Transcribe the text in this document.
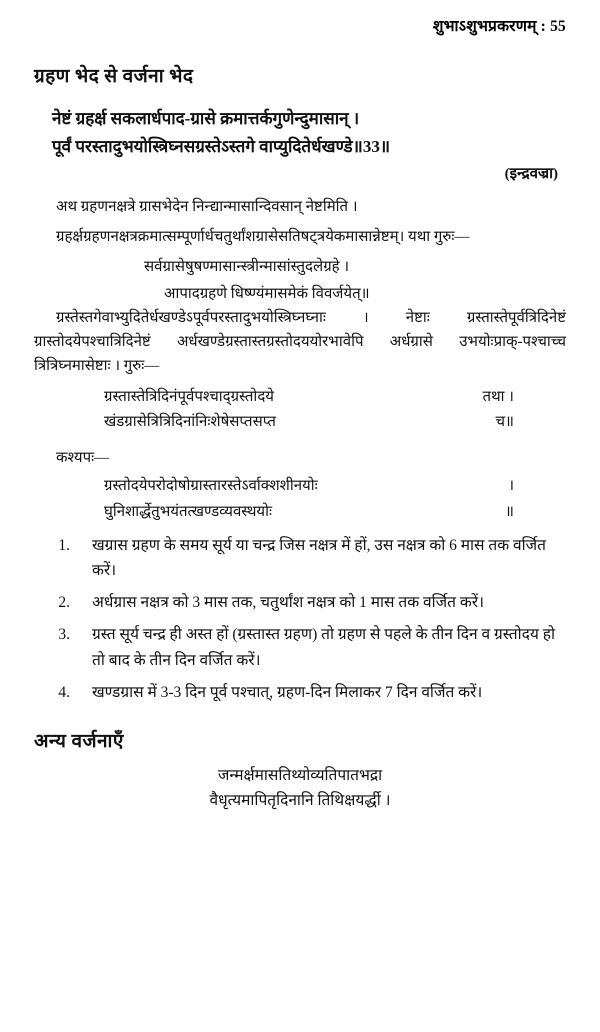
शुभाऽशुभप्रकरणम् : 55
ग्रहण भेद से वर्जना भेद

नेष्टं ग्रहर्क्ष सकलार्धपाद-ग्रासे क्रमात्तर्कगुणेन्दुमासान् ।

पूर्वं परस्तादुभयोस्त्रिघ्नसग्रस्तेऽस्तगे वाप्युदितेर्धखण्डे॥33॥

(इन्द्रवज्रा)

अथ ग्रहणनक्षत्रे ग्रासभेदेन निन्द्यान्मासान्दिवसान् नेष्टमिति ।

ग्रहर्क्षग्रहणनक्षत्रक्रमात्सम्पूर्णार्धचतुर्थांशग्रासेसतिषट्त्रयेकमासान्नेष्टम्। यथा गुरुः—

सर्वग्रासेषुषण्मासान्स्त्रीन्मासांस्तुदलेग्रहे ।

आपादग्रहणे धिष्ण्यंमासमेकं विवर्जयेत्॥

ग्रस्तेस्तगेवाभ्युदितेर्धखण्डेऽपूर्वपरस्तादुभयोस्त्रिघ्नघ्नाः । नेष्टाः ग्रस्तास्तेपूर्वत्रिदिनेष्टं ग्रास्तोदयेपश्चात्रिदिनेष्टं अर्धखण्डेग्रस्तास्तग्रस्तोदययोरभावेपि अर्धग्रासे उभयोःप्राक्-पश्चाच्च त्रित्रिघ्नमासेष्टाः । गुरुः—

ग्रस्तास्तेत्रिदिनंपूर्वपश्चाद्ग्रस्तोदये
	तथा ।
खंडग्रासेत्रित्रिदिनांनिःशेषेसप्तसप्त
	च॥

कश्यपः—

ग्रस्तोदयेपरोदोषोग्रास्तारस्तेऽर्वाक्शशीनयोः
	।
घुनिशार्द्धेतुभयंतत्खण्डव्यवस्थयोः
	॥
1.	खग्रास ग्रहण के समय सूर्य या चन्द्र जिस नक्षत्र में हों, उस नक्षत्र को 6 मास तक वर्जित करें।
2.	अर्धग्रास नक्षत्र को 3 मास तक, चतुर्थांश नक्षत्र को 1 मास तक वर्जित करें।
3.	ग्रस्त सूर्य चन्द्र ही अस्त हों (ग्रस्तास्त ग्रहण) तो ग्रहण से पहले के तीन दिन व ग्रस्तोदय हो तो बाद के तीन दिन वर्जित करें।
4.	खण्डग्रास में 3-3 दिन पूर्व पश्चात्, ग्रहण-दिन मिलाकर 7 दिन वर्जित करें।
अन्य वर्जनाएँ

जन्मर्क्षमासतिथ्योव्यतिपातभद्रा

वैधृत्यमापितृदिनानि तिथिक्षयर्द्धी ।
